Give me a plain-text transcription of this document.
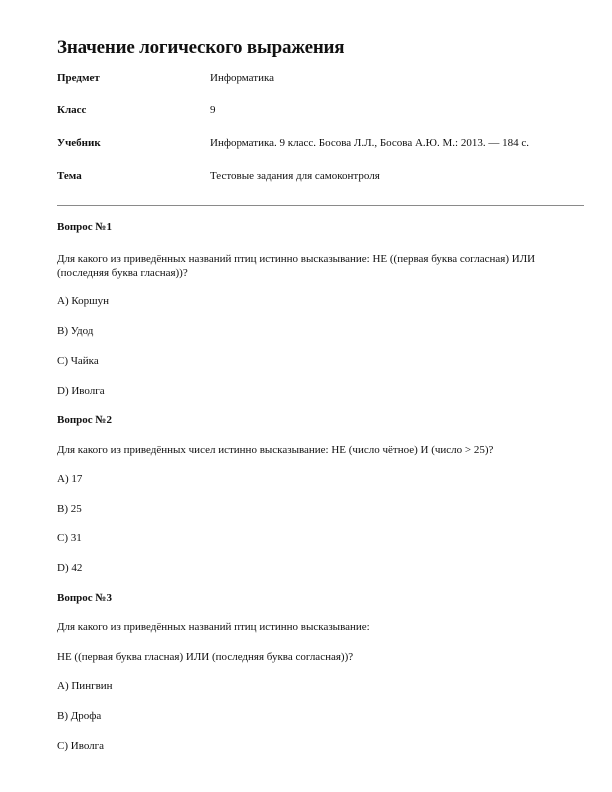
Значение логического выражения
Предмет	Информатика
Класс	9
Учебник	Информатика. 9 класс. Босова Л.Л., Босова А.Ю. М.: 2013. — 184 с.
Тема	Тестовые задания для самоконтроля
Вопрос №1
Для какого из приведённых названий птиц истинно высказывание: НЕ ((первая буква согласная) ИЛИ (последняя буква гласная))?
A) Коршун
B) Удод
C) Чайка
D) Иволга
Вопрос №2
Для какого из приведённых чисел истинно высказывание: НЕ (число чётное) И (число > 25)?
A) 17
B) 25
C) 31
D) 42
Вопрос №3
Для какого из приведённых названий птиц истинно высказывание:
НЕ ((первая буква гласная) ИЛИ (последняя буква согласная))?
A) Пингвин
B) Дрофа
C) Иволга
